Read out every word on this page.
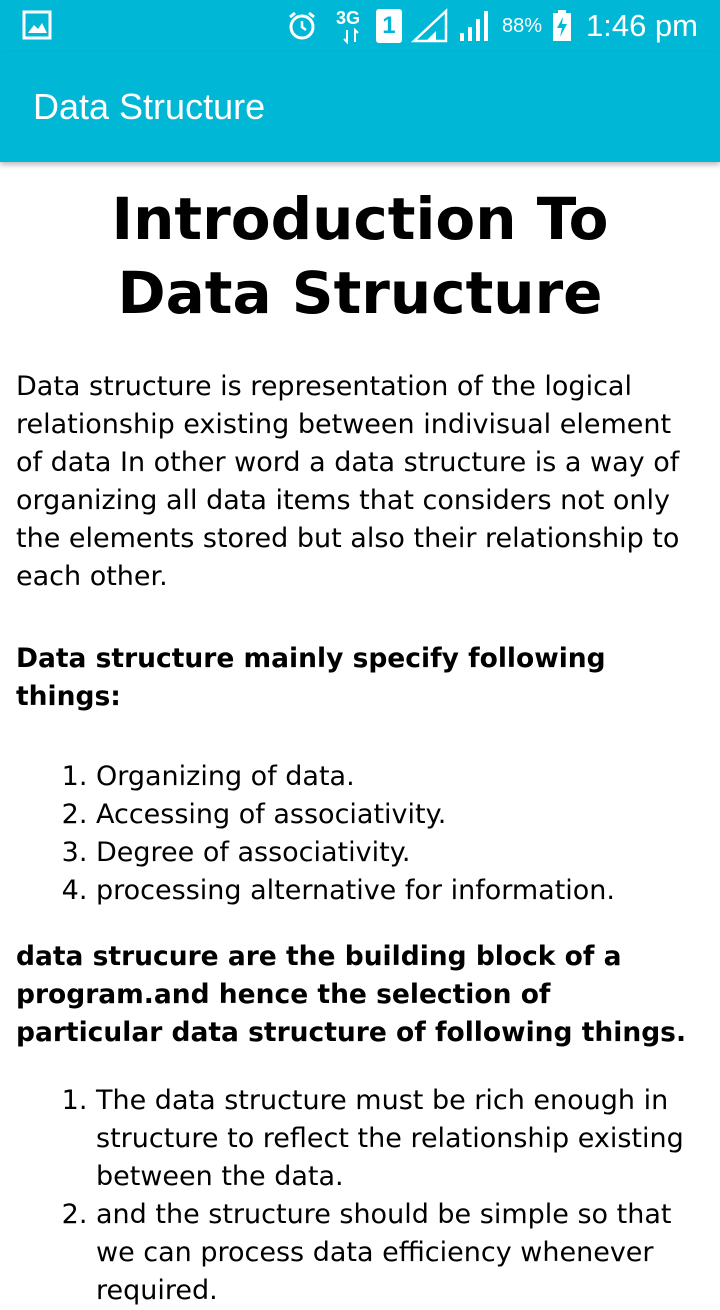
3G 1	88% 1:46 pm
Data Structure
Introduction To Data Structure

Data structure is representation of the logical relationship existing between indivisual element of data In other word a data structure is a way of organizing all data items that considers not only the elements stored but also their relationship to each other.

Data structure mainly specify following things:

1. Organizing of data.
2. Accessing of associativity.
3. Degree of associativity.
4. processing alternative for information.

data strucure are the building block of a program.and hence the selection of particular data structure of following things.

1. The data structure must be rich enough in structure to reflect the relationship existing between the data.
2. and the structure should be simple so that we can process data efficiency whenever required.
